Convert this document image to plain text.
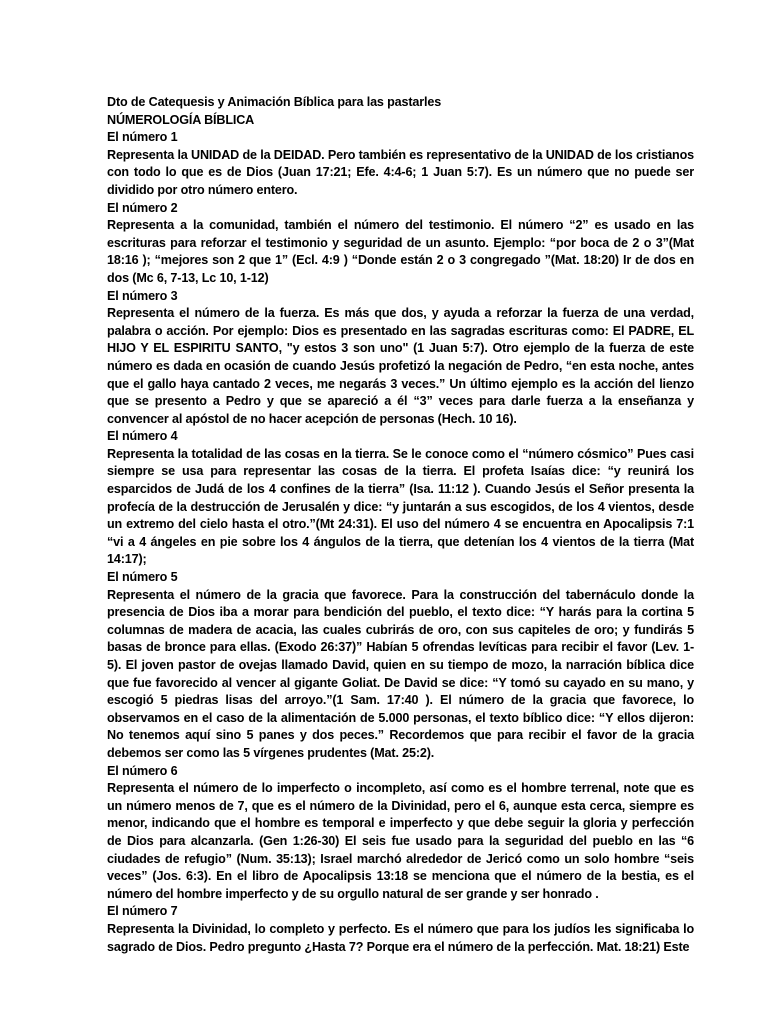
Dto de Catequesis y Animación Bíblica para las pastarles

NÚMEROLOGÍA BÍBLICA

El número 1

Representa la UNIDAD de la DEIDAD. Pero también es representativo de la UNIDAD de los cristianos con todo lo que es de Dios (Juan 17:21; Efe. 4:4-6; 1 Juan 5:7). Es un número que no puede ser dividido por otro número entero.

El número 2

Representa a la comunidad, también el número del testimonio. El número “2” es usado en las escrituras para reforzar el testimonio y seguridad de un asunto. Ejemplo: “por boca de 2 o 3”(Mat 18:16 ); “mejores son 2 que 1” (Ecl. 4:9 ) “Donde están 2 o 3 congregado ”(Mat. 18:20) Ir de dos en dos (Mc 6, 7-13, Lc 10, 1-12)

El número 3

Representa el número de la fuerza. Es más que dos, y ayuda a reforzar la fuerza de una verdad, palabra o acción. Por ejemplo: Dios es presentado en las sagradas escrituras como: El PADRE, EL HIJO Y EL ESPIRITU SANTO, "y estos 3 son uno" (1 Juan 5:7). Otro ejemplo de la fuerza de este número es dada en ocasión de cuando Jesús profetizó la negación de Pedro, “en esta noche, antes que el gallo haya cantado 2 veces, me negarás 3 veces.” Un último ejemplo es la acción del lienzo que se presento a Pedro y que se apareció a él “3” veces para darle fuerza a la enseñanza y convencer al apóstol de no hacer acepción de personas (Hech. 10 16).

El número 4

Representa la totalidad de las cosas en la tierra. Se le conoce como el “número cósmico” Pues casi siempre se usa para representar las cosas de la tierra. El profeta Isaías dice: “y reunirá los esparcidos de Judá de los 4 confines de la tierra” (Isa. 11:12 ). Cuando Jesús el Señor presenta la profecía de la destrucción de Jerusalén y dice: “y juntarán a sus escogidos, de los 4 vientos, desde un extremo del cielo hasta el otro.”(Mt 24:31). El uso del número 4 se encuentra en Apocalipsis 7:1 “vi a 4 ángeles en pie sobre los 4 ángulos de la tierra, que detenían los 4 vientos de la tierra (Mat 14:17);

El número 5

Representa el número de la gracia que favorece. Para la construcción del tabernáculo donde la presencia de Dios iba a morar para bendición del pueblo, el texto dice: “Y harás para la cortina 5 columnas de madera de acacia, las cuales cubrirás de oro, con sus capiteles de oro; y fundirás 5 basas de bronce para ellas. (Exodo 26:37)” Habían 5 ofrendas levíticas para recibir el favor (Lev. 1-5). El joven pastor de ovejas llamado David, quien en su tiempo de mozo, la narración bíblica dice que fue favorecido al vencer al gigante Goliat. De David se dice: “Y tomó su cayado en su mano, y escogió 5 piedras lisas del arroyo.”(1 Sam. 17:40 ). El número de la gracia que favorece, lo observamos en el caso de la alimentación de 5.000 personas, el texto bíblico dice: “Y ellos dijeron: No tenemos aquí sino 5 panes y dos peces.” Recordemos que para recibir el favor de la gracia debemos ser como las 5 vírgenes prudentes (Mat. 25:2).

El número 6

Representa el número de lo imperfecto o incompleto, así como es el hombre terrenal, note que es un número menos de 7, que es el número de la Divinidad, pero el 6, aunque esta cerca, siempre es menor, indicando que el hombre es temporal e imperfecto y que debe seguir la gloria y perfección de Dios para alcanzarla. (Gen 1:26-30) El seis fue usado para la seguridad del pueblo en las “6 ciudades de refugio” (Num. 35:13); Israel marchó alrededor de Jericó como un solo hombre “seis veces” (Jos. 6:3). En el libro de Apocalipsis 13:18 se menciona que el número de la bestia, es el número del hombre imperfecto y de su orgullo natural de ser grande y ser honrado .

El número 7

Representa la Divinidad, lo completo y perfecto. Es el número que para los judíos les significaba lo sagrado de Dios. Pedro pregunto ¿Hasta 7? Porque era el número de la perfección. Mat. 18:21) Este
